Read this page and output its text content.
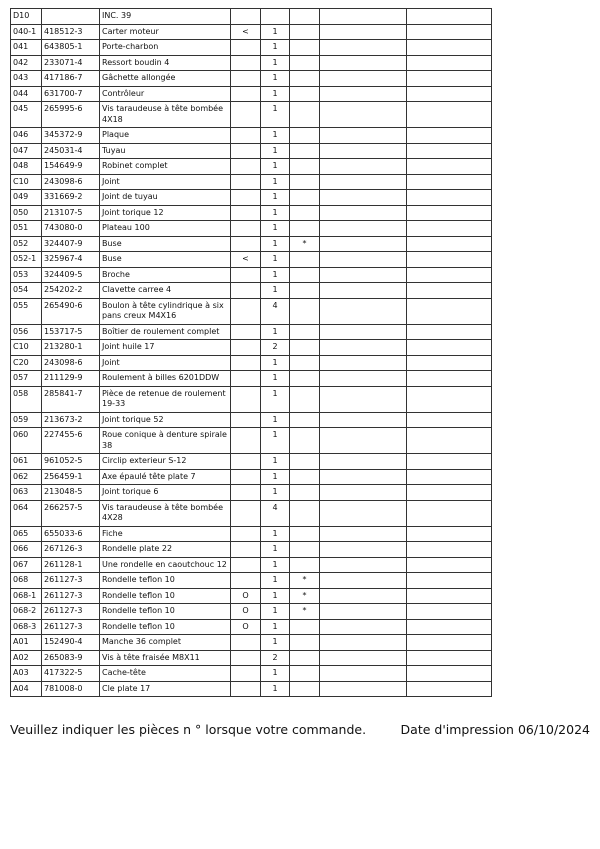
D10		INC. 39					
040-1	418512-3	Carter moteur	<	1			
041	643805-1	Porte-charbon		1			
042	233071-4	Ressort boudin 4		1			
043	417186-7	Gâchette allongée		1			
044	631700-7	Contrôleur		1			
045	265995-6	Vis taraudeuse à tête bombée 4X18		1			
046	345372-9	Plaque		1			
047	245031-4	Tuyau		1			
048	154649-9	Robinet complet		1			
C10	243098-6	Joint		1			
049	331669-2	Joint de tuyau		1			
050	213107-5	Joint torique 12		1			
051	743080-0	Plateau 100		1			
052	324407-9	Buse		1	*		
052-1	325967-4	Buse	<	1			
053	324409-5	Broche		1			
054	254202-2	Clavette carree 4		1			
055	265490-6	Boulon à tête cylindrique à six pans creux M4X16		4			
056	153717-5	Boîtier de roulement complet		1			
C10	213280-1	Joint huile 17		2			
C20	243098-6	Joint		1			
057	211129-9	Roulement à billes 6201DDW		1			
058	285841-7	Pièce de retenue de roulement 19-33		1			
059	213673-2	Joint torique 52		1			
060	227455-6	Roue conique à denture spirale 38		1			
061	961052-5	Circlip exterieur S-12		1			
062	256459-1	Axe épaulé tête plate 7		1			
063	213048-5	Joint torique 6		1			
064	266257-5	Vis taraudeuse à tête bombée 4X28		4			
065	655033-6	Fiche		1			
066	267126-3	Rondelle plate 22		1			
067	261128-1	Une rondelle en caoutchouc 12		1			
068	261127-3	Rondelle teflon 10		1	*		
068-1	261127-3	Rondelle teflon 10	O	1	*		
068-2	261127-3	Rondelle teflon 10	O	1	*		
068-3	261127-3	Rondelle teflon 10	O	1			
A01	152490-4	Manche 36 complet		1			
A02	265083-9	Vis à tête fraisée M8X11		2			
A03	417322-5	Cache-tête		1			
A04	781008-0	Cle plate 17		1			
Veuillez indiquer les pièces n ° lorsque votre commande.	Date d'impression 06/10/2024
